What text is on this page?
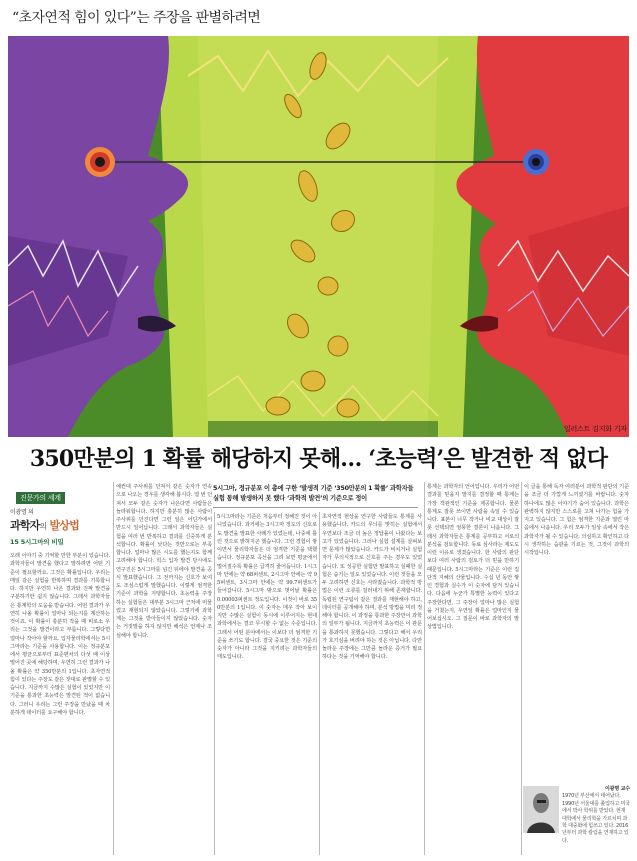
“초자연적 힘이 있다”는 주장을 판별하려면
일러스트 김지화 기자
350만분의 1 확률 해당하지 못해… ‘초능력’은 발견한 적 없다
진문가의 세계
이광명 의
과학자의 발상법
15 5시그마의 비밀
5시그마, 정규분포 이 총에 구한 ‘발생적 기준 ‘350만분의 1 확률’ 과학자들 실험 통해 발생하지 못 했다 ‘과학적 발견’의 기준으로 정이
오래 이야기 중 기억할 만한 부분이 있습니다. 과학자들이 발견을 했다고 말하려면 어떤 기준이 필요할까요. 그것은 확률입니다. 우리는 매일 같은 실험을 반복하며 결과를 기록합니다. 하지만 우연히 나온 결과와 진짜 발견을 구분하기란 쉽지 않습니다. 그래서 과학자들은 통계학의 도움을 받습니다. 어떤 결과가 우연히 나올 확률이 얼마나 되는지를 계산하는 것이죠. 이 확률이 충분히 작을 때 비로소 우리는 그것을 발견이라고 부릅니다. 그렇다면 얼마나 작아야 할까요. 입자물리학에서는 5시그마라는 기준을 사용합니다. 이는 정규분포에서 평균으로부터 표준편차의 다섯 배 이상 떨어진 곳에 해당하며, 우연히 그런 결과가 나올 확률은 약 350만분의 1입니다. 초자연적 힘이 있다는 주장도 같은 잣대로 판별할 수 있습니다. 지금까지 수많은 실험이 있었지만 이 기준을 통과한 초능력은 발견된 적이 없습니다. 그러니 우리는 그런 주장을 만났을 때 차분하게 데이터를 요구해야 합니다.
예컨대 주사위를 던져서 같은 숫자가 연속으로 나오는 경우를 생각해 봅시다. 열 번 던져서 모두 같은 숫자가 나온다면 사람들은 놀라워합니다. 하지만 충분히 많은 사람이 주사위를 던진다면 그런 일은 어딘가에서 반드시 일어납니다. 그래서 과학자들은 실험을 여러 번 반복하고 결과를 신중하게 분석합니다. 확률이 낮다는 것만으로는 부족합니다. 얼마나 많은 시도를 했는지도 함께 고려해야 합니다. 힉스 입자 발견 당시에도 연구진은 5시그마를 넘긴 뒤에야 발견을 공식 발표했습니다. 그 전까지는 신호가 보여도 조심스럽게 말했습니다. 이렇게 엄격한 기준이 과학을 지탱합니다. 초능력을 주장하는 실험들은 대부분 3시그마 근처에 머물렀고 재현되지 않았습니다. 그렇기에 과학계는 그것을 받아들이지 않았습니다. 숫자는 거짓말을 하지 않지만 해석은 언제나 조심해야 합니다.
5시그마라는 기준은 처음부터 정해진 것이 아니었습니다. 과거에는 3시그마 정도의 신호로도 발견을 발표한 사례가 있었는데, 나중에 틀린 것으로 밝혀지곤 했습니다. 그런 경험이 쌓이면서 물리학자들은 더 엄격한 기준을 택했습니다. 정규분포 곡선을 그려 보면 평균에서 멀어질수록 확률은 급격히 줄어듭니다. 1시그마 안에는 약 68퍼센트, 2시그마 안에는 약 95퍼센트, 3시그마 안에는 약 99.7퍼센트가 들어갑니다. 5시그마 밖으로 벗어날 확률은 0.00003퍼센트 정도입니다. 이것이 바로 350만분의 1입니다. 이 숫자는 매우 작아 보이지만 수많은 실험이 동시에 이루어지는 현대 과학에서는 결코 무시할 수 없는 수준입니다. 그래서 어떤 분야에서는 이보다 더 엄격한 기준을 쓰기도 합니다. 결국 중요한 것은 기준의 숫자가 아니라 그것을 지키려는 과학자들의 태도입니다.
초자연적 현상을 연구한 사람들도 통계를 사용했습니다. 카드의 무늬를 맞히는 실험에서 우연보다 조금 더 높은 정답률이 나왔다는 보고가 있었습니다. 그러나 실험 설계를 살펴보면 문제가 많았습니다. 카드가 비치거나 실험자가 무의식적으로 신호를 주는 경우도 있었습니다. 또 성공한 실험만 발표하고 실패한 실험은 숨기는 일도 있었습니다. 이런 것들을 모두 고려하면 신호는 사라졌습니다. 과학적 방법은 이런 오류를 걸러내기 위해 존재합니다. 독립된 연구팀이 같은 결과를 재현해야 하고, 데이터를 공개해야 하며, 분석 방법을 미리 정해야 합니다. 이 과정을 통과한 주장만이 과학의 일부가 됩니다. 지금까지 초능력은 이 관문을 통과하지 못했습니다. 그렇다고 해서 우리가 호기심을 버려야 하는 것은 아닙니다. 다만 놀라운 주장에는 그만큼 놀라운 증거가 필요하다는 것을 기억해야 합니다.
통계는 과학자의 언어입니다. 우리가 어떤 결과를 믿을지 말지를 결정할 때 통계는 가장 객관적인 기준을 제공합니다. 물론 통계도 잘못 쓰이면 사람을 속일 수 있습니다. 표본이 너무 작거나 비교 대상이 잘못 선택되면 엉뚱한 결론이 나옵니다. 그래서 과학자들은 통계를 공부하고 서로의 분석을 검토합니다. 동료 심사라는 제도도 이런 이유로 생겼습니다. 한 사람의 판단보다 여러 사람의 검토가 더 믿을 만하기 때문입니다. 5시그마라는 기준은 이런 집단적 지혜의 산물입니다. 수십 년 동안 쌓인 경험과 실수가 이 숫자에 담겨 있습니다. 다음에 누군가 특별한 능력이 있다고 주장한다면, 그 주장이 얼마나 많은 실험을 거쳤는지, 우연일 확률은 얼마인지 물어보십시오. 그 질문이 바로 과학자의 발상법입니다.
이 글을 통해 독자 여러분이 과학적 판단의 기준을 조금 더 가깝게 느끼셨기를 바랍니다. 숫자 하나에도 많은 이야기가 숨어 있습니다. 과학은 완벽하지 않지만 스스로를 고쳐 나가는 힘을 가지고 있습니다. 그 힘은 엄격한 기준과 열린 마음에서 나옵니다. 우리 모두가 일상 속에서 작은 과학자가 될 수 있습니다. 의심하고 확인하고 다시 생각하는 습관을 기르는 것, 그것이 과학의 시작입니다.
이광명 교수
1970년 부산에서 태어났다. 1990년 서울대를 졸업하고 미국에서 박사 학위를 받았다. 현재 대학에서 물리학을 가르치며 과학 대중화에 힘쓰고 있다. 2016년부터 과학 칼럼을 연재하고 있다.
